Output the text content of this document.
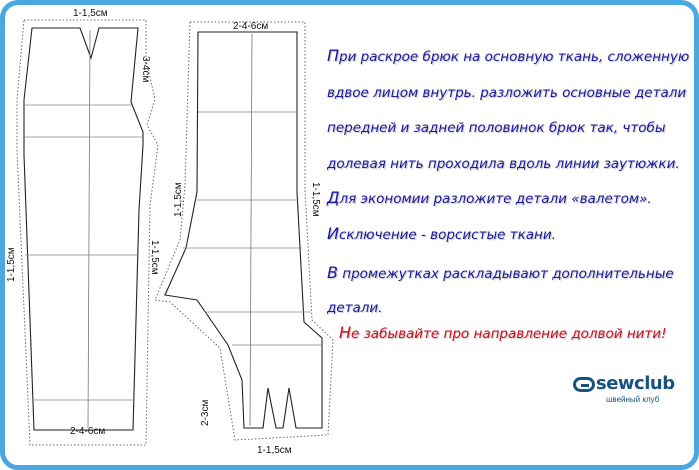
1-1,5см
3-4см
1-1,5см	1-1,5см
2-4-6см
2-4-6см
1-1,5см	1-1,5см
2-3см
1-1,5см
При раскрое брюк на основную ткань, сложенную
вдвое лицом внутрь. разложить основные детали
передней и задней половинок брюк так, чтобы
долевая нить проходила вдоль линии заутюжки.
Для экономии разложите детали «валетом».
Исключение - ворсистые ткани.
В промежутках раскладывают дополнительные
детали.
Не забывайте про направление долвой нити!
sewclub
швейный клуб
